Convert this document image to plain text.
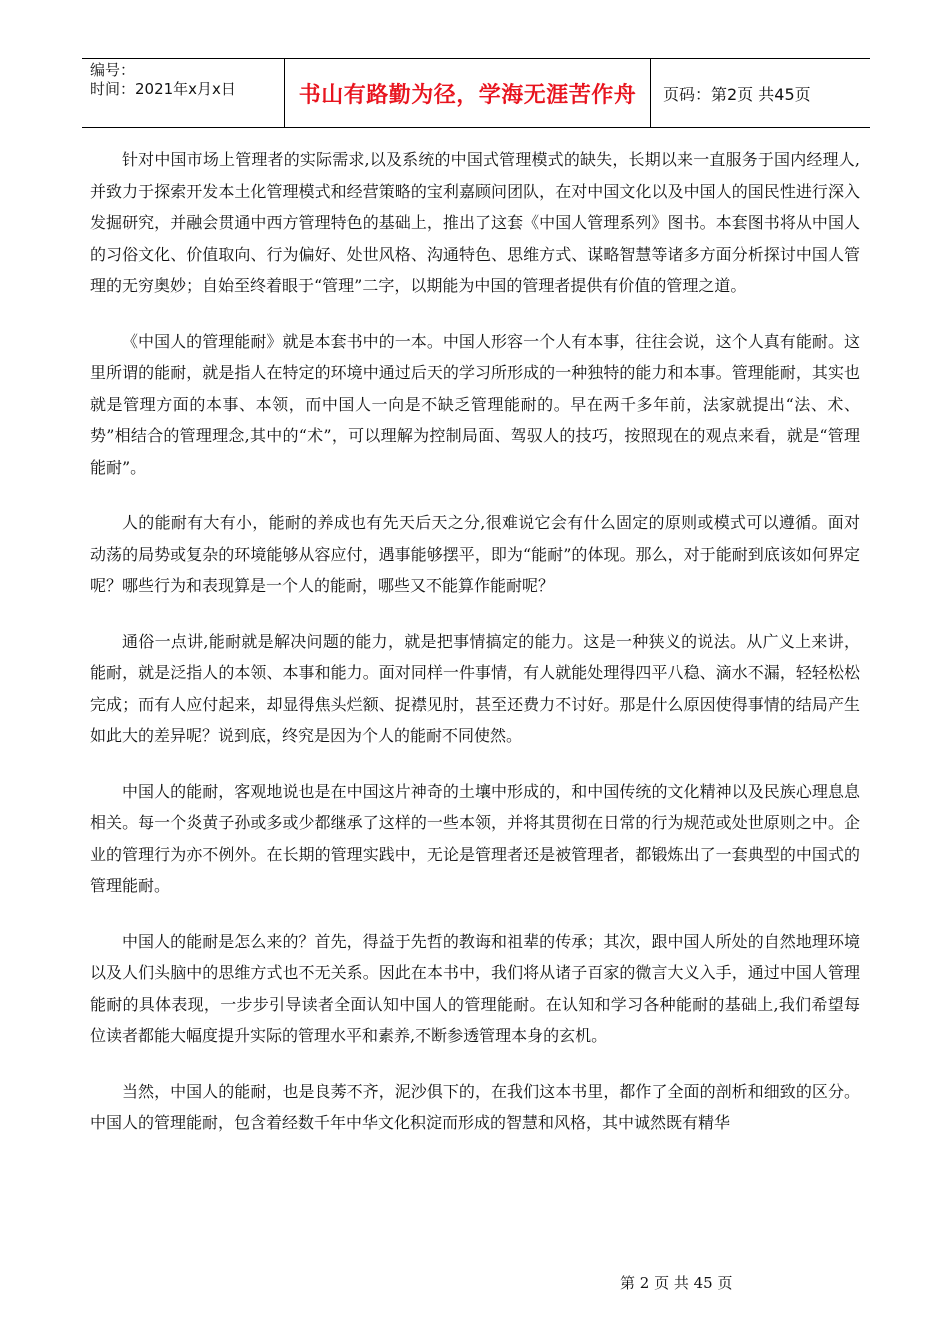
编号：
时间：2021年x月x日	书山有路勤为径，学海无涯苦作舟	页码：第2页 共45页

针对中国市场上管理者的实际需求,以及系统的中国式管理模式的缺失，长期以来一直服务于国内经理人,并致力于探索开发本土化管理模式和经营策略的宝利嘉顾问团队，在对中国文化以及中国人的国民性进行深入发掘研究，并融会贯通中西方管理特色的基础上，推出了这套《中国人管理系列》图书。本套图书将从中国人的习俗文化、价值取向、行为偏好、处世风格、沟通特色、思维方式、谋略智慧等诸多方面分析探讨中国人管理的无穷奥妙；自始至终着眼于“管理”二字，以期能为中国的管理者提供有价值的管理之道。

《中国人的管理能耐》就是本套书中的一本。中国人形容一个人有本事，往往会说，这个人真有能耐。这里所谓的能耐，就是指人在特定的环境中通过后天的学习所形成的一种独特的能力和本事。管理能耐，其实也就是管理方面的本事、本领，而中国人一向是不缺乏管理能耐的。早在两千多年前，法家就提出“法、术、势”相结合的管理理念,其中的“术”，可以理解为控制局面、驾驭人的技巧，按照现在的观点来看，就是“管理能耐”。

人的能耐有大有小，能耐的养成也有先天后天之分,很难说它会有什么固定的原则或模式可以遵循。面对动荡的局势或复杂的环境能够从容应付，遇事能够摆平，即为“能耐”的体现。那么，对于能耐到底该如何界定呢？哪些行为和表现算是一个人的能耐，哪些又不能算作能耐呢？

通俗一点讲,能耐就是解决问题的能力，就是把事情搞定的能力。这是一种狭义的说法。从广义上来讲，能耐，就是泛指人的本领、本事和能力。面对同样一件事情，有人就能处理得四平八稳、滴水不漏，轻轻松松完成；而有人应付起来，却显得焦头烂额、捉襟见肘，甚至还费力不讨好。那是什么原因使得事情的结局产生如此大的差异呢？说到底，终究是因为个人的能耐不同使然。

中国人的能耐，客观地说也是在中国这片神奇的土壤中形成的，和中国传统的文化精神以及民族心理息息相关。每一个炎黄子孙或多或少都继承了这样的一些本领，并将其贯彻在日常的行为规范或处世原则之中。企业的管理行为亦不例外。在长期的管理实践中，无论是管理者还是被管理者，都锻炼出了一套典型的中国式的管理能耐。

中国人的能耐是怎么来的？首先，得益于先哲的教诲和祖辈的传承；其次，跟中国人所处的自然地理环境以及人们头脑中的思维方式也不无关系。因此在本书中，我们将从诸子百家的微言大义入手，通过中国人管理能耐的具体表现，一步步引导读者全面认知中国人的管理能耐。在认知和学习各种能耐的基础上,我们希望每位读者都能大幅度提升实际的管理水平和素养,不断参透管理本身的玄机。

当然，中国人的能耐，也是良莠不齐，泥沙俱下的，在我们这本书里，都作了全面的剖析和细致的区分。中国人的管理能耐，包含着经数千年中华文化积淀而形成的智慧和风格，其中诚然既有精华

第 2 页 共 45 页
